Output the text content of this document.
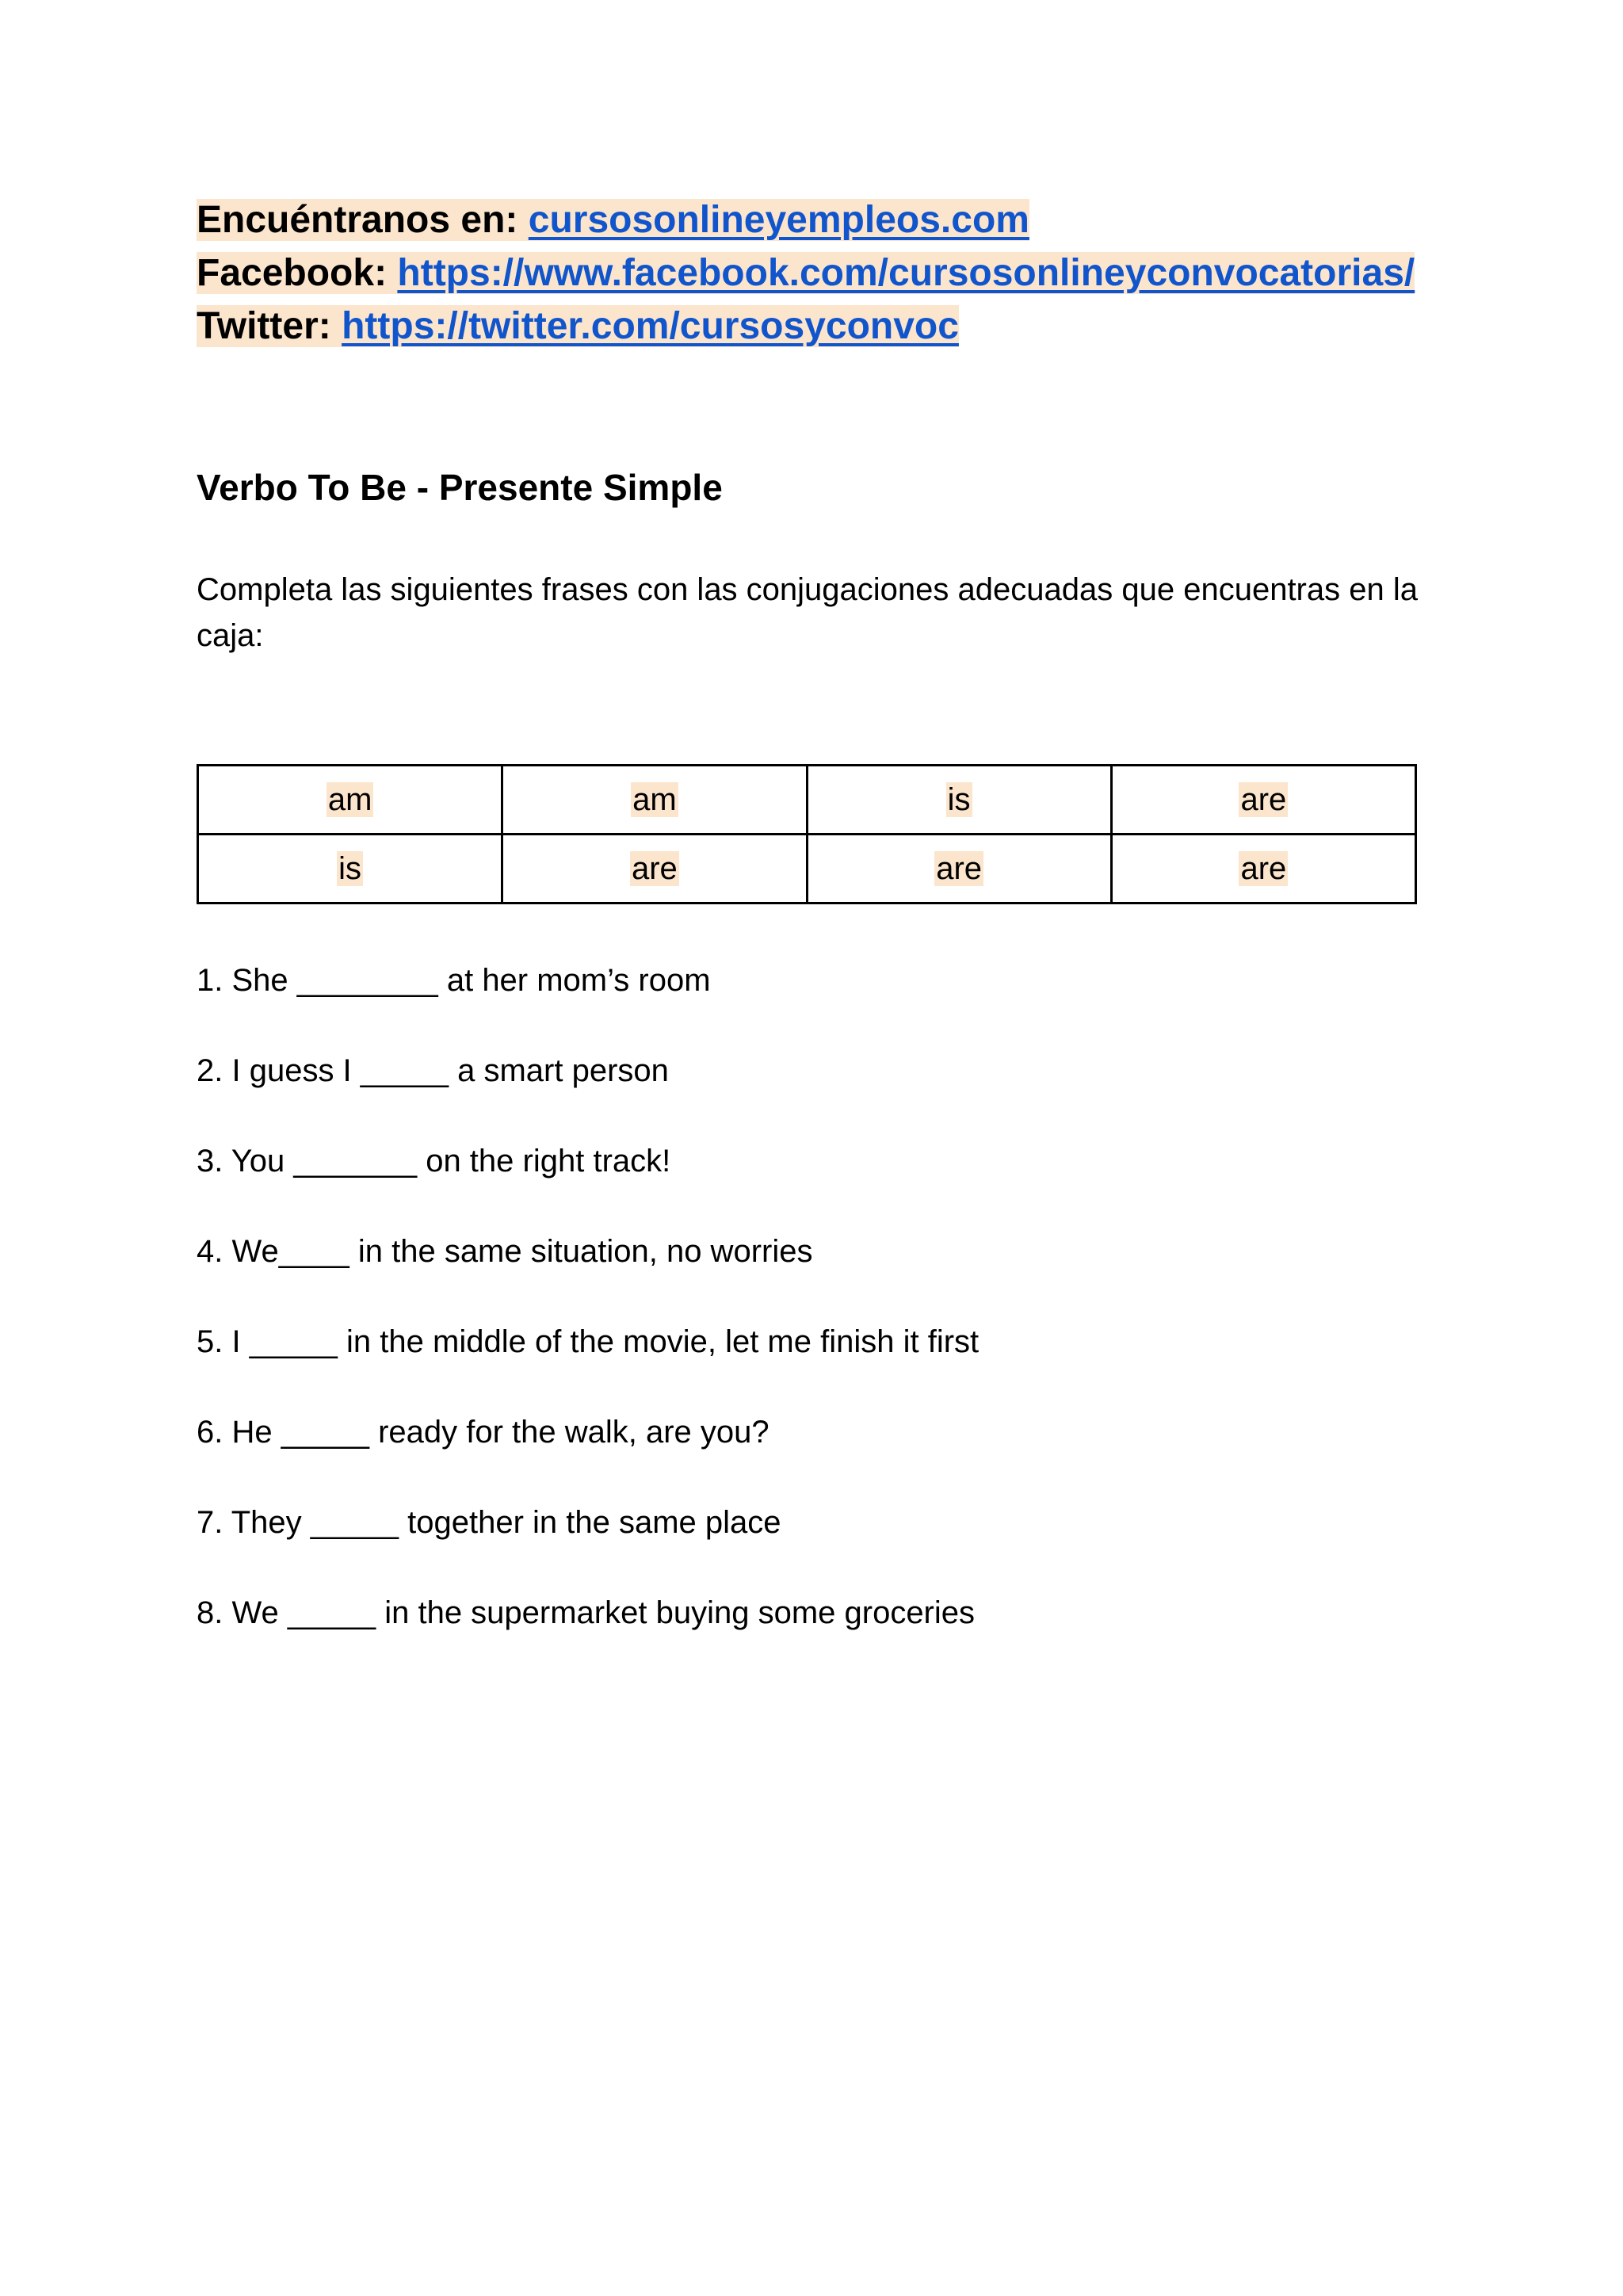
Encuéntranos en: cursosonlineyempleos.com
Facebook: https://www.facebook.com/cursosonlineyconvocatorias/
Twitter: https://twitter.com/cursosyconvoc
Verbo To Be - Presente Simple

Completa las siguientes frases con las conjugaciones adecuadas que encuentras en la caja:

am	am	is	are
is	are	are	are
1. She ________ at her mom’s room
2. I guess I _____ a smart person
3. You _______ on the right track!
4. We____ in the same situation, no worries
5. I _____ in the middle of the movie, let me finish it first
6. He _____ ready for the walk, are you?
7. They _____ together in the same place
8. We _____ in the supermarket buying some groceries
